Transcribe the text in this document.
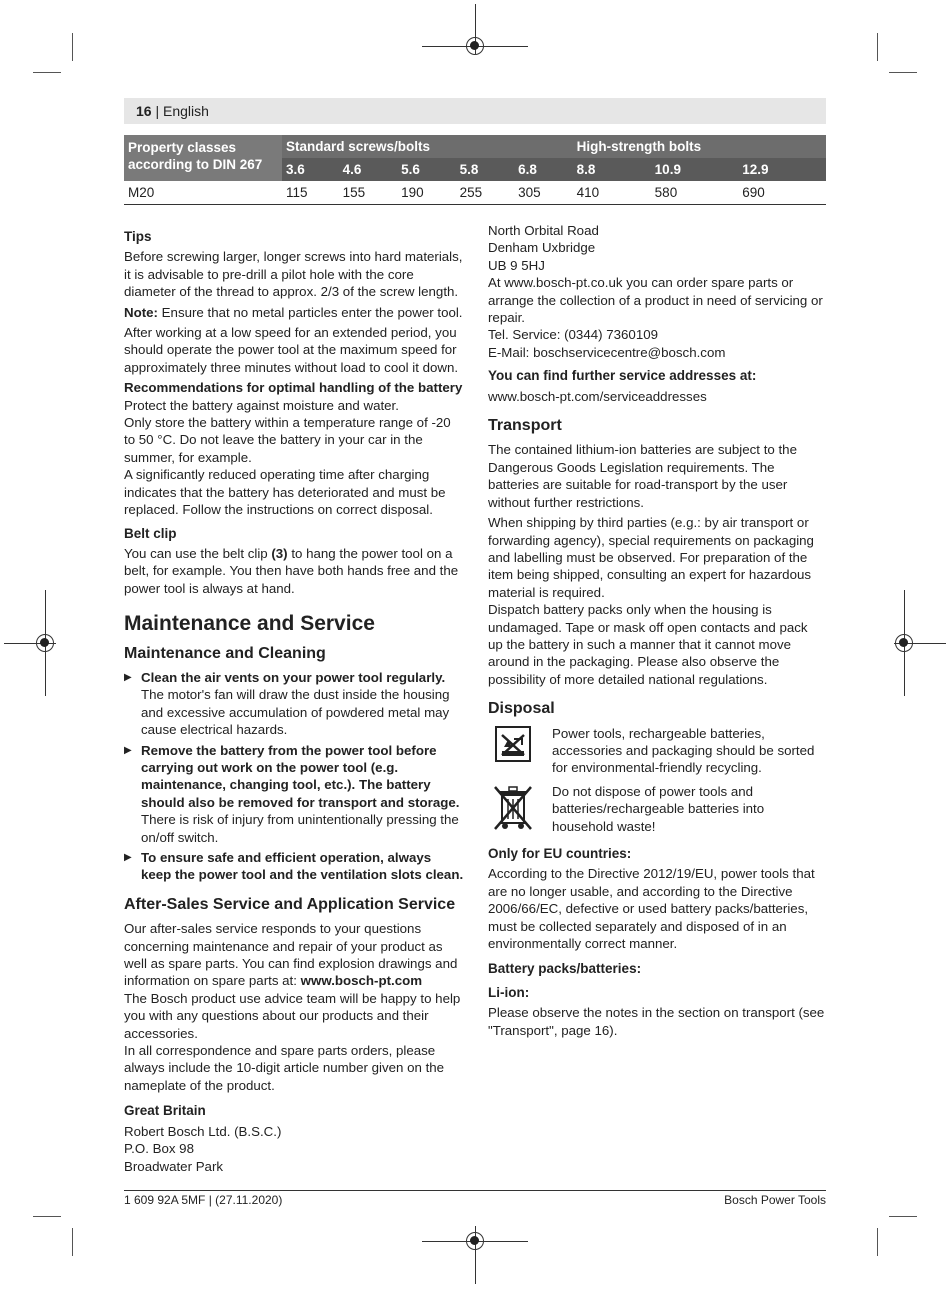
16 | English
Property classes according to DIN 267	Standard screws/bolts					High-strength bolts		
	3.6	4.6	5.6	5.8	6.8	8.8	10.9	12.9
M20	115	155	190	255	305	410	580	690
Tips

Before screwing larger, longer screws into hard materials, it is advisable to pre-drill a pilot hole with the core diameter of the thread to approx. 2/3 of the screw length.

Note: Ensure that no metal particles enter the power tool.

After working at a low speed for an extended period, you should operate the power tool at the maximum speed for approximately three minutes without load to cool it down.

Recommendations for optimal handling of the battery
Protect the battery against moisture and water.
Only store the battery within a temperature range of -20 to 50 °C. Do not leave the battery in your car in the summer, for example.
A significantly reduced operating time after charging indicates that the battery has deteriorated and must be replaced. Follow the instructions on correct disposal.
Belt clip

You can use the belt clip (3) to hang the power tool on a belt, for example. You then have both hands free and the power tool is always at hand.

Maintenance and Service
Maintenance and Cleaning
▶ Clean the air vents on your power tool regularly. The motor's fan will draw the dust inside the housing and excessive accumulation of powdered metal may cause electrical hazards.
▶ Remove the battery from the power tool before carrying out work on the power tool (e.g. maintenance, changing tool, etc.). The battery should also be removed for transport and storage. There is risk of injury from unintentionally pressing the on/off switch.
▶ To ensure safe and efficient operation, always keep the power tool and the ventilation slots clean.
After-Sales Service and Application Service
Our after-sales service responds to your questions concerning maintenance and repair of your product as well as spare parts. You can find explosion drawings and information on spare parts at: www.bosch-pt.com
The Bosch product use advice team will be happy to help you with any questions about our products and their accessories.

In all correspondence and spare parts orders, please always include the 10-digit article number given on the nameplate of the product.

Great Britain
Robert Bosch Ltd. (B.S.C.)
P.O. Box 98
Broadwater Park
North Orbital Road
Denham Uxbridge
UB 9 5HJ
At www.bosch-pt.co.uk you can order spare parts or arrange the collection of a product in need of servicing or repair.
Tel. Service: (0344) 7360109

E-Mail: boschservicecentre@bosch.com

You can find further service addresses at:

www.bosch-pt.com/serviceaddresses

Transport

The contained lithium-ion batteries are subject to the Dangerous Goods Legislation requirements. The batteries are suitable for road-transport by the user without further restrictions.

When shipping by third parties (e.g.: by air transport or forwarding agency), special requirements on packaging and labelling must be observed. For preparation of the item being shipped, consulting an expert for hazardous material is required.

Dispatch battery packs only when the housing is undamaged. Tape or mask off open contacts and pack up the battery in such a manner that it cannot move around in the packaging. Please also observe the possibility of more detailed national regulations.

Disposal
Power tools, rechargeable batteries, accessories and packaging should be sorted for environmental-friendly recycling.
Do not dispose of power tools and batteries/rechargeable batteries into household waste!
Only for EU countries:

According to the Directive 2012/19/EU, power tools that are no longer usable, and according to the Directive 2006/66/EC, defective or used battery packs/batteries, must be collected separately and disposed of in an environmentally correct manner.

Battery packs/batteries:
Li-ion:

Please observe the notes in the section on transport (see "Transport", page 16).

1 609 92A 5MF | (27.11.2020)	Bosch Power Tools
